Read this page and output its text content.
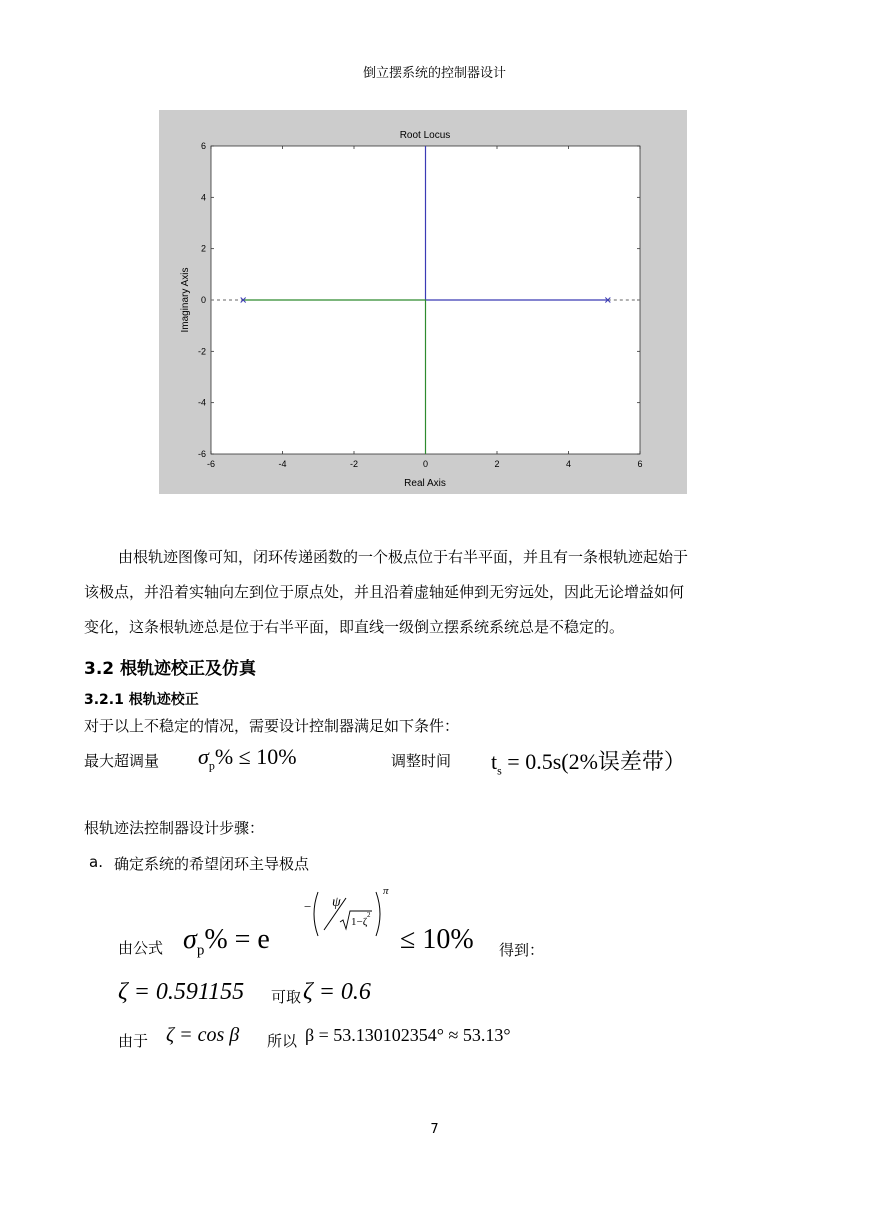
倒立摆系统的控制器设计
Root Locus
Real Axis
Imaginary Axis
-6	-4	-2	0	2	4	6
6
4
2
0
-2
-4
-6
由根轨迹图像可知，闭环传递函数的一个极点位于右半平面，并且有一条根轨迹起始于
该极点，并沿着实轴向左到位于原点处，并且沿着虚轴延伸到无穷远处，因此无论增益如何
变化，这条根轨迹总是位于右半平面，即直线一级倒立摆系统系统总是不稳定的。
3.2 根轨迹校正及仿真
3.2.1 根轨迹校正
对于以上不稳定的情况，需要设计控制器满足如下条件：
最大超调量 $\sigma_p\% \le 10\%$	调整时间 $t_s = 0.5s(2\%$误差带）
根轨迹法控制器设计步骤：
a. 确定系统的希望闭环主导极点
由公式 $\sigma_p\% = e$
− ψ
1−ζ
2
π
≤ 10% 得到：
ζ = 0.591155 可取 ζ = 0.6
由于 ζ = cos β 所以 β = 53.130102354° ≈ 53.13°
7
